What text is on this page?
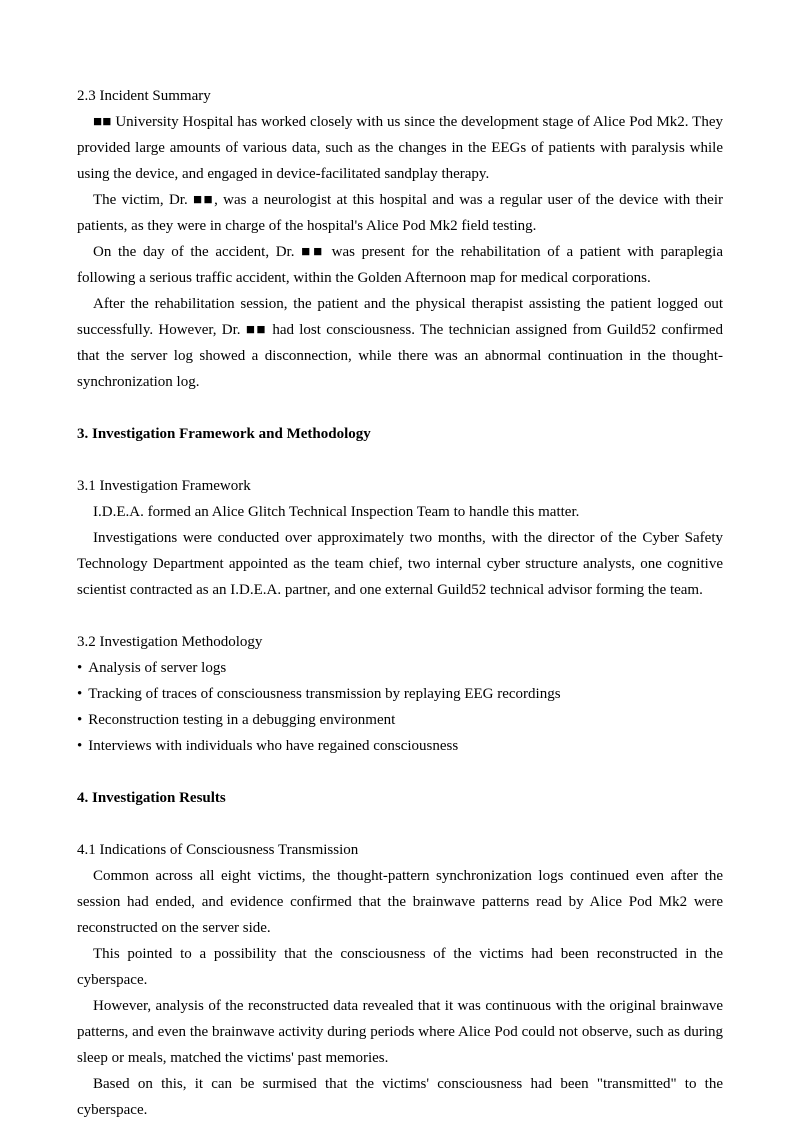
2.3 Incident Summary

■■ University Hospital has worked closely with us since the development stage of Alice Pod Mk2. They provided large amounts of various data, such as the changes in the EEGs of patients with paralysis while using the device, and engaged in device-facilitated sandplay therapy.

The victim, Dr. ■■, was a neurologist at this hospital and was a regular user of the device with their patients, as they were in charge of the hospital's Alice Pod Mk2 field testing.

On the day of the accident, Dr. ■■ was present for the rehabilitation of a patient with paraplegia following a serious traffic accident, within the Golden Afternoon map for medical corporations.

After the rehabilitation session, the patient and the physical therapist assisting the patient logged out successfully. However, Dr. ■■ had lost consciousness. The technician assigned from Guild52 confirmed that the server log showed a disconnection, while there was an abnormal continuation in the thought-synchronization log.

3. Investigation Framework and Methodology
3.1 Investigation Framework

I.D.E.A. formed an Alice Glitch Technical Inspection Team to handle this matter.

Investigations were conducted over approximately two months, with the director of the Cyber Safety Technology Department appointed as the team chief, two internal cyber structure analysts, one cognitive scientist contracted as an I.D.E.A. partner, and one external Guild52 technical advisor forming the team.

3.2 Investigation Methodology
• Analysis of server logs
• Tracking of traces of consciousness transmission by replaying EEG recordings
• Reconstruction testing in a debugging environment
• Interviews with individuals who have regained consciousness
4. Investigation Results
4.1 Indications of Consciousness Transmission

Common across all eight victims, the thought-pattern synchronization logs continued even after the session had ended, and evidence confirmed that the brainwave patterns read by Alice Pod Mk2 were reconstructed on the server side.

This pointed to a possibility that the consciousness of the victims had been reconstructed in the cyberspace.

However, analysis of the reconstructed data revealed that it was continuous with the original brainwave patterns, and even the brainwave activity during periods where Alice Pod could not observe, such as during sleep or meals, matched the victims' past memories.

Based on this, it can be surmised that the victims' consciousness had been "transmitted" to the cyberspace.
